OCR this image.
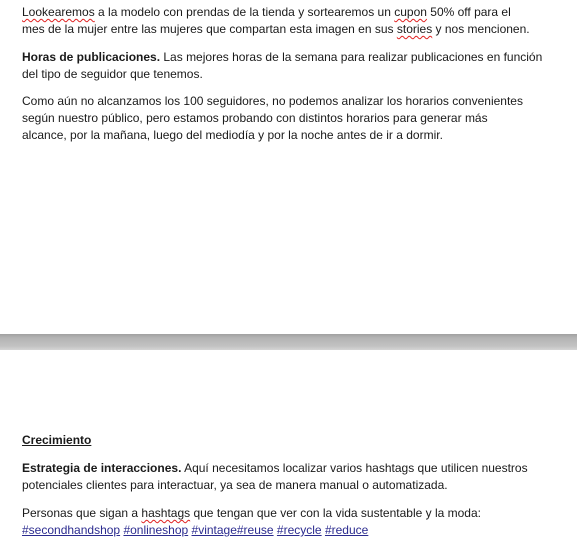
Lookearemos a la modelo con prendas de la tienda y sortearemos un cupon 50% off para el
mes de la mujer entre las mujeres que compartan esta imagen en sus stories y nos mencionen.

Horas de publicaciones. Las mejores horas de la semana para realizar publicaciones en función
del tipo de seguidor que tenemos.

Como aún no alcanzamos los 100 seguidores, no podemos analizar los horarios convenientes
según nuestro público, pero estamos probando con distintos horarios para generar más
alcance, por la mañana, luego del mediodía y por la noche antes de ir a dormir.

Crecimiento

Estrategia de interacciones. Aquí necesitamos localizar varios hashtags que utilicen nuestros
potenciales clientes para interactuar, ya sea de manera manual o automatizada.

Personas que sigan a hashtags que tengan que ver con la vida sustentable y la moda:
#secondhandshop #onlineshop #vintage#reuse #recycle #reduce
